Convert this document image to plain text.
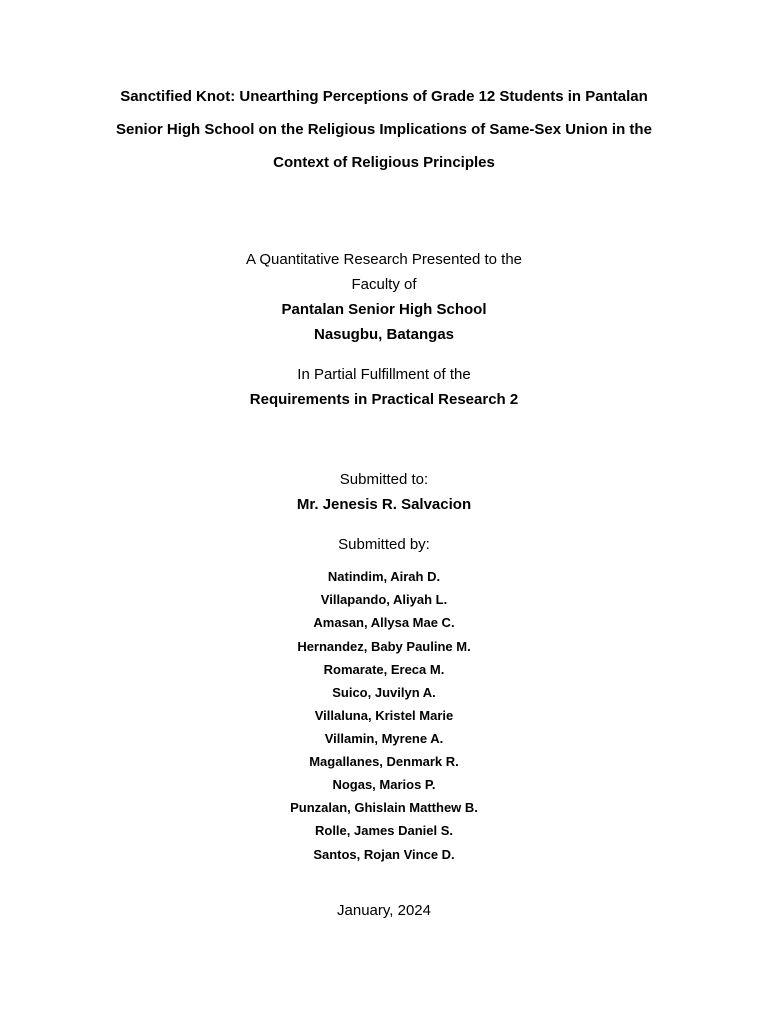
Sanctified Knot: Unearthing Perceptions of Grade 12 Students in Pantalan
Senior High School on the Religious Implications of Same-Sex Union in the
Context of Religious Principles
A Quantitative Research Presented to the
Faculty of
Pantalan Senior High School
Nasugbu, Batangas
In Partial Fulfillment of the
Requirements in Practical Research 2
Submitted to:
Mr. Jenesis R. Salvacion
Submitted by:
Natindim, Airah D.
Villapando, Aliyah L.
Amasan, Allysa Mae C.
Hernandez, Baby Pauline M.
Romarate, Ereca M.
Suico, Juvilyn A.
Villaluna, Kristel Marie
Villamin, Myrene A.
Magallanes, Denmark R.
Nogas, Marios P.
Punzalan, Ghislain Matthew B.
Rolle, James Daniel S.
Santos, Rojan Vince D.
January, 2024
